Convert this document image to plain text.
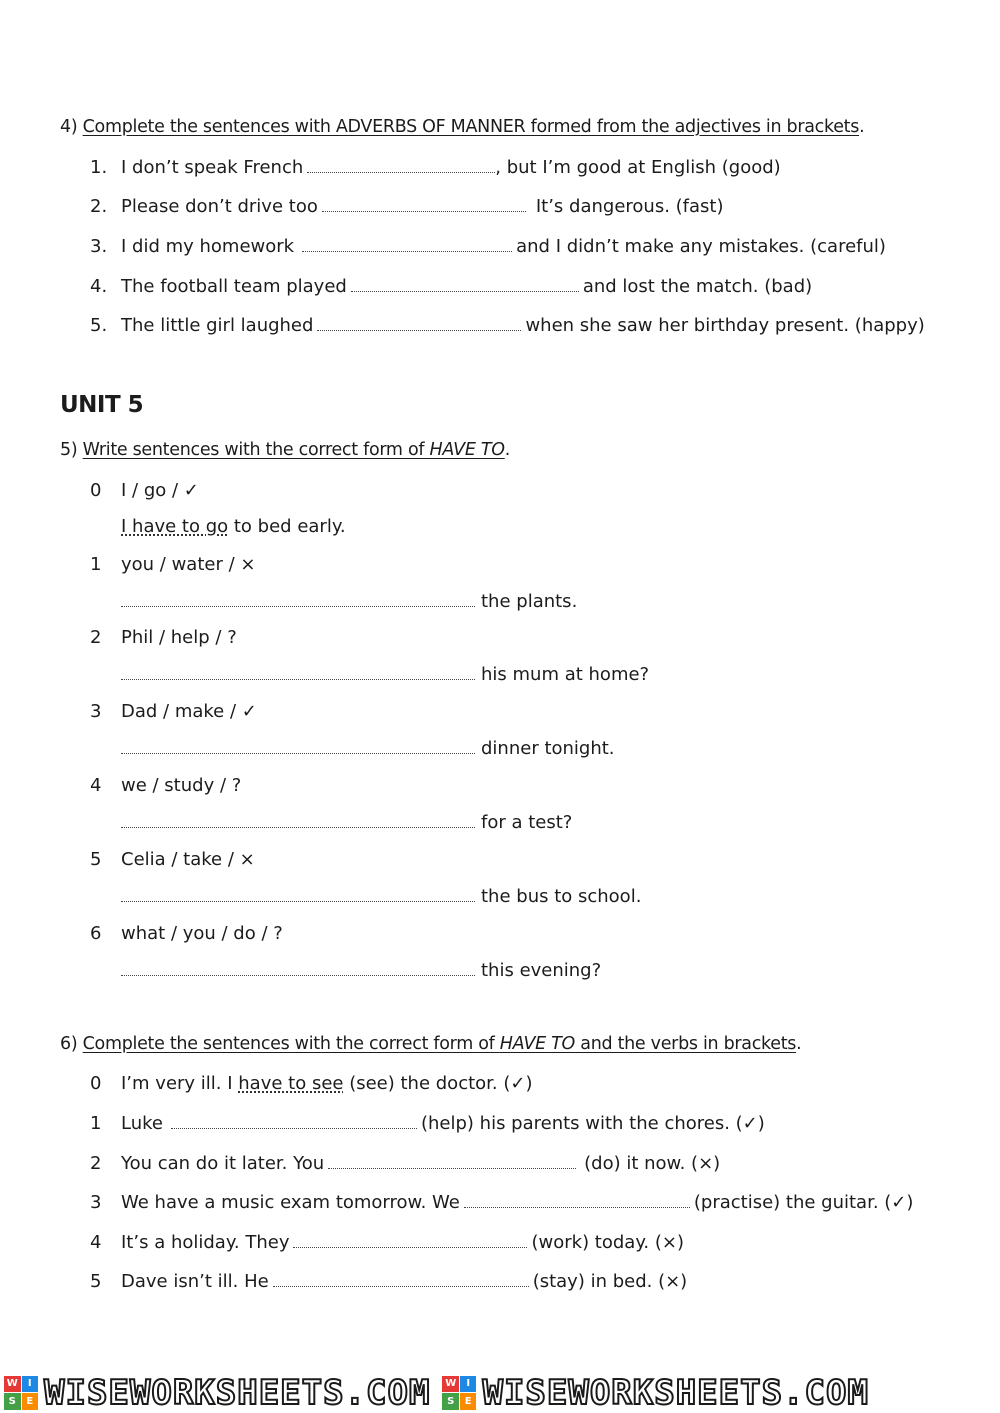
4) Complete the sentences with ADVERBS OF MANNER formed from the adjectives in brackets.
1. I don’t speak French	, but I’m good at English (good)
2. Please don’t drive too	It’s dangerous. (fast)
3. I did my homework	and I didn’t make any mistakes. (careful)
4. The football team played	and lost the match. (bad)
5. The little girl laughed	when she saw her birthday present. (happy)
UNIT 5
5) Write sentences with the correct form of HAVE TO.
0	I / go / ✓
I have to go to bed early.
1	you / water / ×
the plants.
2	Phil / help / ?
his mum at home?
3	Dad / make / ✓
dinner tonight.
4	we / study / ?
for a test?
5	Celia / take / ×
the bus to school.
6	what / you / do / ?
this evening?
6) Complete the sentences with the correct form of HAVE TO and the verbs in brackets.
0	I’m very ill. I have to see (see) the doctor. (✓)
1	Luke	(help) his parents with the chores. (✓)
2	You can do it later. You	(do) it now. (×)
3	We have a music exam tomorrow. We	(practise) the guitar. (✓)
4	It’s a holiday. They	(work) today. (×)
5	Dave isn’t ill. He	(stay) in bed. (×)
W	I
S	E WISEWORKSHEETS.COM W	I
S	E WISEWORKSHEETS.COM
